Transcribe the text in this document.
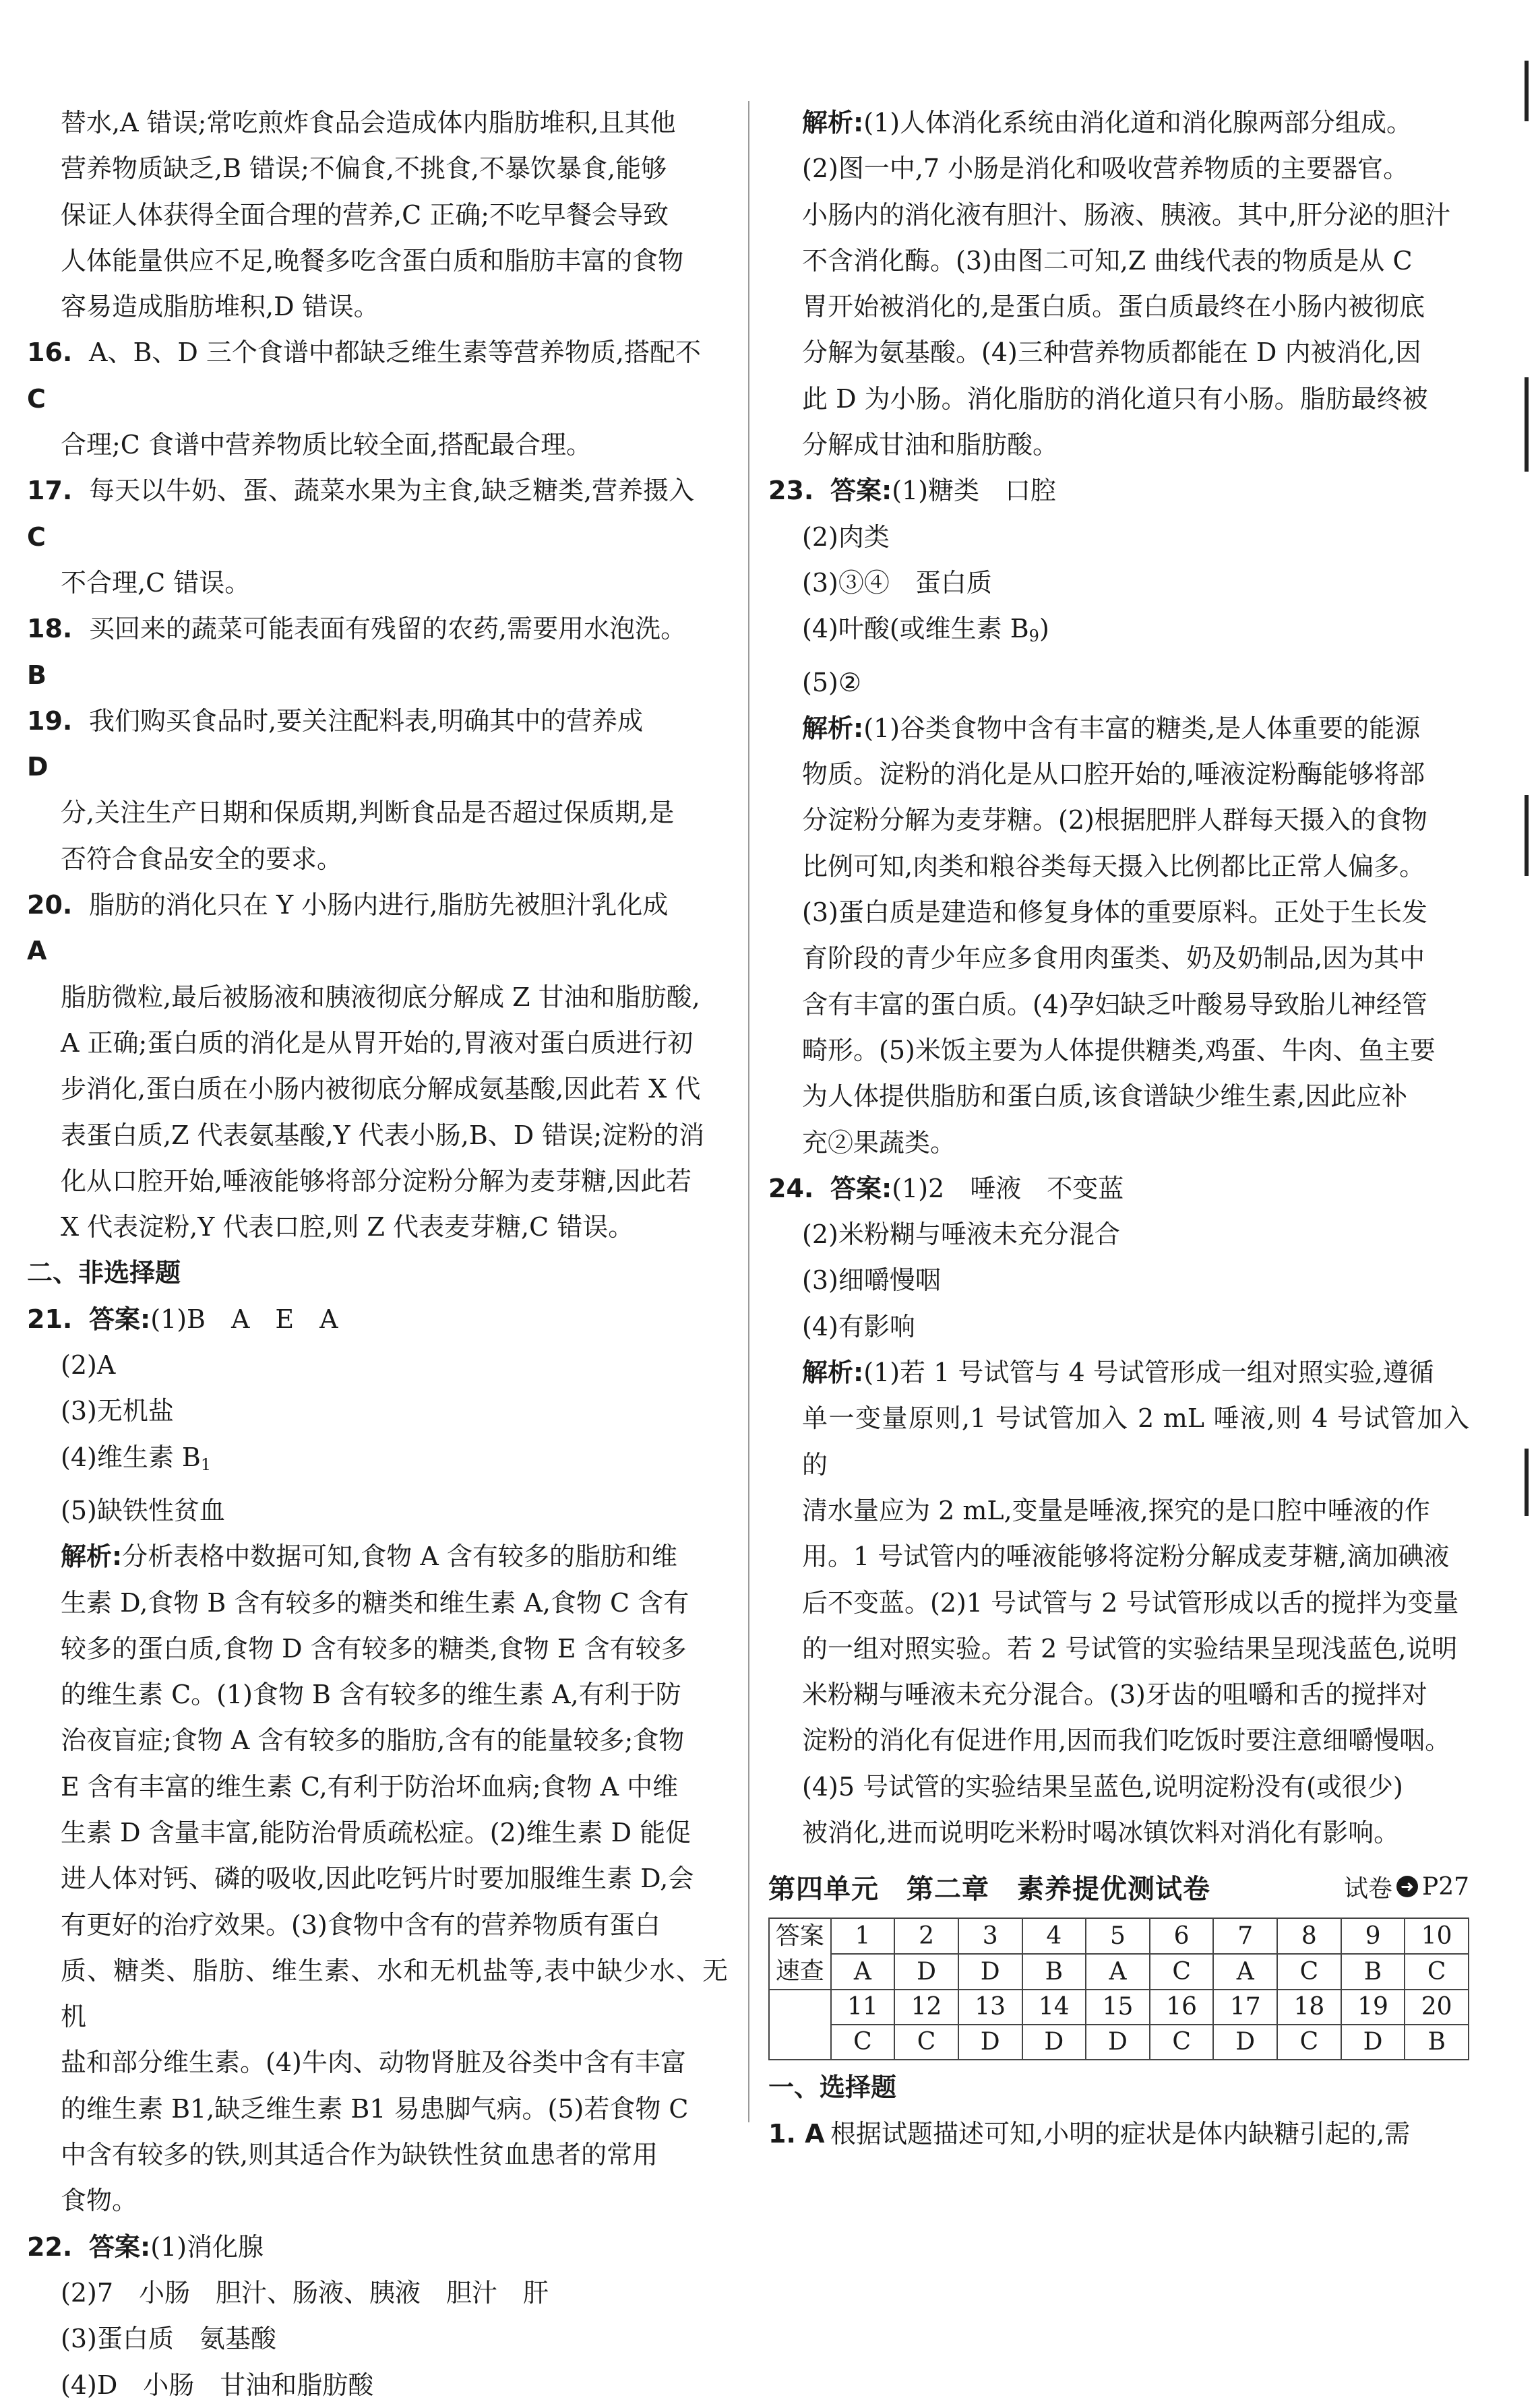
替水,A 错误;常吃煎炸食品会造成体内脂肪堆积,且其他

营养物质缺乏,B 错误;不偏食,不挑食,不暴饮暴食,能够

保证人体获得全面合理的营养,C 正确;不吃早餐会导致

人体能量供应不足,晚餐多吃含蛋白质和脂肪丰富的食物

容易造成脂肪堆积,D 错误。

16. C

A、B、D 三个食谱中都缺乏维生素等营养物质,搭配不

合理;C 食谱中营养物质比较全面,搭配最合理。

17. C

每天以牛奶、蛋、蔬菜水果为主食,缺乏糖类,营养摄入

不合理,C 错误。

18. B

买回来的蔬菜可能表面有残留的农药,需要用水泡洗。

19. D

我们购买食品时,要关注配料表,明确其中的营养成

分,关注生产日期和保质期,判断食品是否超过保质期,是

否符合食品安全的要求。

20. A

脂肪的消化只在 Y 小肠内进行,脂肪先被胆汁乳化成

脂肪微粒,最后被肠液和胰液彻底分解成 Z 甘油和脂肪酸,

A 正确;蛋白质的消化是从胃开始的,胃液对蛋白质进行初

步消化,蛋白质在小肠内被彻底分解成氨基酸,因此若 X 代

表蛋白质,Z 代表氨基酸,Y 代表小肠,B、D 错误;淀粉的消

化从口腔开始,唾液能够将部分淀粉分解为麦芽糖,因此若

X 代表淀粉,Y 代表口腔,则 Z 代表麦芽糖,C 错误。

二、非选择题
21. 答案:(1)B　A　E　A

(2)A

(3)无机盐

(4)维生素 $B_1$

(5)缺铁性贫血

解析:分析表格中数据可知,食物 A 含有较多的脂肪和维

生素 D,食物 B 含有较多的糖类和维生素 A,食物 C 含有

较多的蛋白质,食物 D 含有较多的糖类,食物 E 含有较多

的维生素 C。(1)食物 B 含有较多的维生素 A,有利于防

治夜盲症;食物 A 含有较多的脂肪,含有的能量较多;食物

E 含有丰富的维生素 C,有利于防治坏血病;食物 A 中维

生素 D 含量丰富,能防治骨质疏松症。(2)维生素 D 能促

进人体对钙、磷的吸收,因此吃钙片时要加服维生素 D,会

有更好的治疗效果。(3)食物中含有的营养物质有蛋白

质、糖类、脂肪、维生素、水和无机盐等,表中缺少水、无机

盐和部分维生素。(4)牛肉、动物肾脏及谷类中含有丰富

的维生素 B1,缺乏维生素 B1 易患脚气病。(5)若食物 C

中含有较多的铁,则其适合作为缺铁性贫血患者的常用

食物。

22. 答案:(1)消化腺

(2)7　小肠　胆汁、肠液、胰液　胆汁　肝

(3)蛋白质　氨基酸

(4)D　小肠　甘油和脂肪酸

解析:(1)人体消化系统由消化道和消化腺两部分组成。

(2)图一中,7 小肠是消化和吸收营养物质的主要器官。

小肠内的消化液有胆汁、肠液、胰液。其中,肝分泌的胆汁

不含消化酶。(3)由图二可知,Z 曲线代表的物质是从 C

胃开始被消化的,是蛋白质。蛋白质最终在小肠内被彻底

分解为氨基酸。(4)三种营养物质都能在 D 内被消化,因

此 D 为小肠。消化脂肪的消化道只有小肠。脂肪最终被

分解成甘油和脂肪酸。

23. 答案:(1)糖类　口腔

(2)肉类

(3)③④　蛋白质

(4)叶酸(或维生素 $B_9$)

(5)②

解析:(1)谷类食物中含有丰富的糖类,是人体重要的能源

物质。淀粉的消化是从口腔开始的,唾液淀粉酶能够将部

分淀粉分解为麦芽糖。(2)根据肥胖人群每天摄入的食物

比例可知,肉类和粮谷类每天摄入比例都比正常人偏多。

(3)蛋白质是建造和修复身体的重要原料。正处于生长发

育阶段的青少年应多食用肉蛋类、奶及奶制品,因为其中

含有丰富的蛋白质。(4)孕妇缺乏叶酸易导致胎儿神经管

畸形。(5)米饭主要为人体提供糖类,鸡蛋、牛肉、鱼主要

为人体提供脂肪和蛋白质,该食谱缺少维生素,因此应补

充②果蔬类。

24. 答案:(1)2　唾液　不变蓝

(2)米粉糊与唾液未充分混合

(3)细嚼慢咽

(4)有影响

解析:(1)若 1 号试管与 4 号试管形成一组对照实验,遵循

单一变量原则,1 号试管加入 2 mL 唾液,则 4 号试管加入的

清水量应为 2 mL,变量是唾液,探究的是口腔中唾液的作

用。1 号试管内的唾液能够将淀粉分解成麦芽糖,滴加碘液

后不变蓝。(2)1 号试管与 2 号试管形成以舌的搅拌为变量

的一组对照实验。若 2 号试管的实验结果呈现浅蓝色,说明

米粉糊与唾液未充分混合。(3)牙齿的咀嚼和舌的搅拌对

淀粉的消化有促进作用,因而我们吃饭时要注意细嚼慢咽。

(4)5 号试管的实验结果呈蓝色,说明淀粉没有(或很少)

被消化,进而说明吃米粉时喝冰镇饮料对消化有影响。

第四单元　第二章　素养提优测试卷	试卷 ➜ P27
答案
速查	1	2	3	4	5	6	7	8	9	10
	A	D	D	B	A	C	A	C	B	C
	11	12	13	14	15	16	17	18	19	20
	C	C	D	D	D	C	D	C	D	B
一、选择题
1. A 根据试题描述可知,小明的症状是体内缺糖引起的,需
